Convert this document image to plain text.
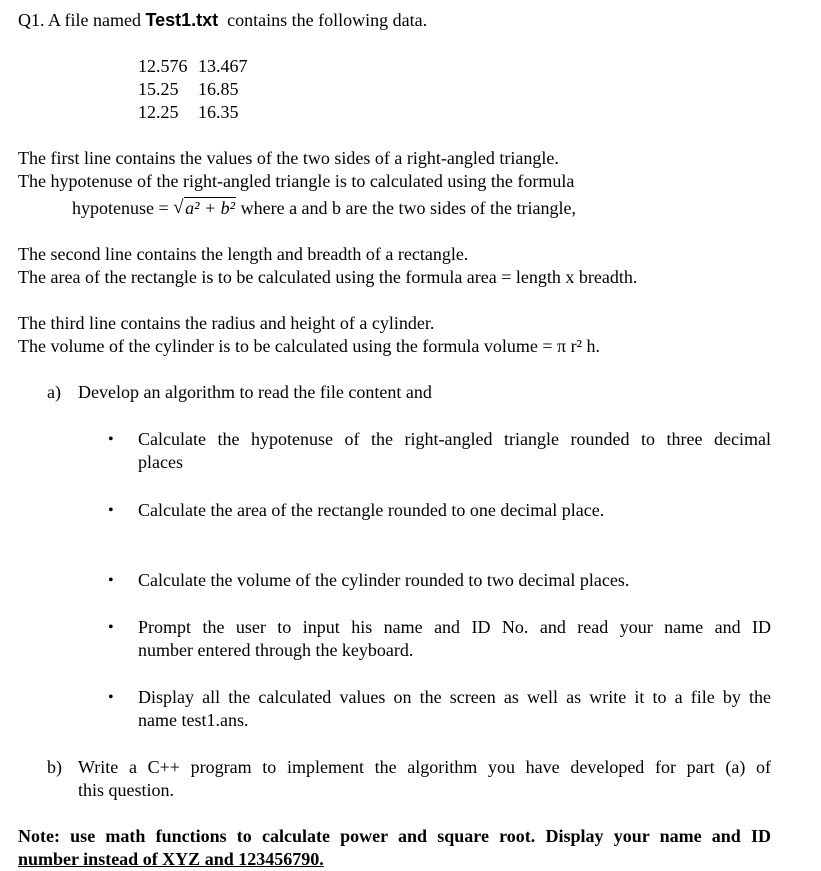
Q1. A file named Test1.txt  contains the following data.
12.576 13.467
15.25 16.85
12.25 16.35
The first line contains the values of the two sides of a right-angled triangle.
The hypotenuse of the right-angled triangle is to calculated using the formula
hypotenuse = √ a² + b² where a and b are the two sides of the triangle,
The second line contains the length and breadth of a rectangle.
The area of the rectangle is to be calculated using the formula area = length x breadth.
The third line contains the radius and height of a cylinder.
The volume of the cylinder is to be calculated using the formula volume = π r² h.
a) Develop an algorithm to read the file content and
• Calculate the hypotenuse of the right-angled triangle rounded to three decimal
places
• Calculate the area of the rectangle rounded to one decimal place.
• Calculate the volume of the cylinder rounded to two decimal places.
• Prompt the user to input his name and ID No. and read your name and ID
number entered through the keyboard.
• Display all the calculated values on the screen as well as write it to a file by the
name test1.ans.
b) Write a C++ program to implement the algorithm you have developed for part (a) of
this question.
Note: use math functions to calculate power and square root. Display your name and ID
number instead of XYZ and 123456790.
